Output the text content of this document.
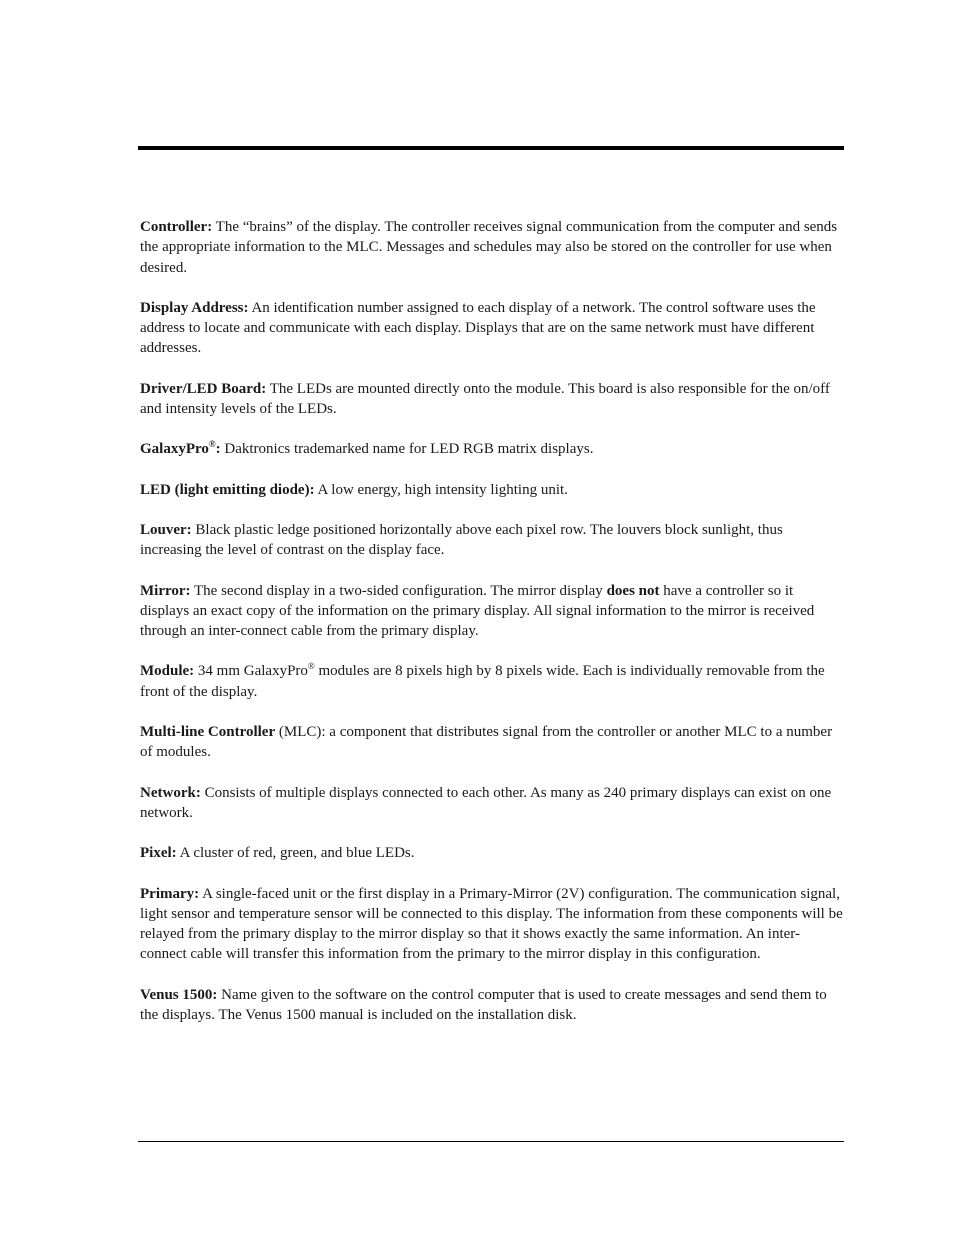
Controller: The “brains” of the display. The controller receives signal communication from the computer and sends the appropriate information to the MLC. Messages and schedules may also be stored on the controller for use when desired.

Display Address: An identification number assigned to each display of a network. The control software uses the address to locate and communicate with each display. Displays that are on the same network must have different addresses.

Driver/LED Board: The LEDs are mounted directly onto the module. This board is also responsible for the on/off and intensity levels of the LEDs.

GalaxyPro®: Daktronics trademarked name for LED RGB matrix displays.

LED (light emitting diode): A low energy, high intensity lighting unit.

Louver: Black plastic ledge positioned horizontally above each pixel row. The louvers block sunlight, thus increasing the level of contrast on the display face.

Mirror: The second display in a two-sided configuration. The mirror display does not have a controller so it displays an exact copy of the information on the primary display. All signal information to the mirror is received through an inter-connect cable from the primary display.

Module: 34 mm GalaxyPro® modules are 8 pixels high by 8 pixels wide. Each is individually removable from the front of the display.

Multi-line Controller (MLC): a component that distributes signal from the controller or another MLC to a number of modules.

Network: Consists of multiple displays connected to each other. As many as 240 primary displays can exist on one network.

Pixel: A cluster of red, green, and blue LEDs.

Primary: A single-faced unit or the first display in a Primary-Mirror (2V) configuration. The communication signal, light sensor and temperature sensor will be connected to this display. The information from these components will be relayed from the primary display to the mirror display so that it shows exactly the same information. An inter-connect cable will transfer this information from the primary to the mirror display in this configuration.

Venus 1500: Name given to the software on the control computer that is used to create messages and send them to the displays. The Venus 1500 manual is included on the installation disk.
